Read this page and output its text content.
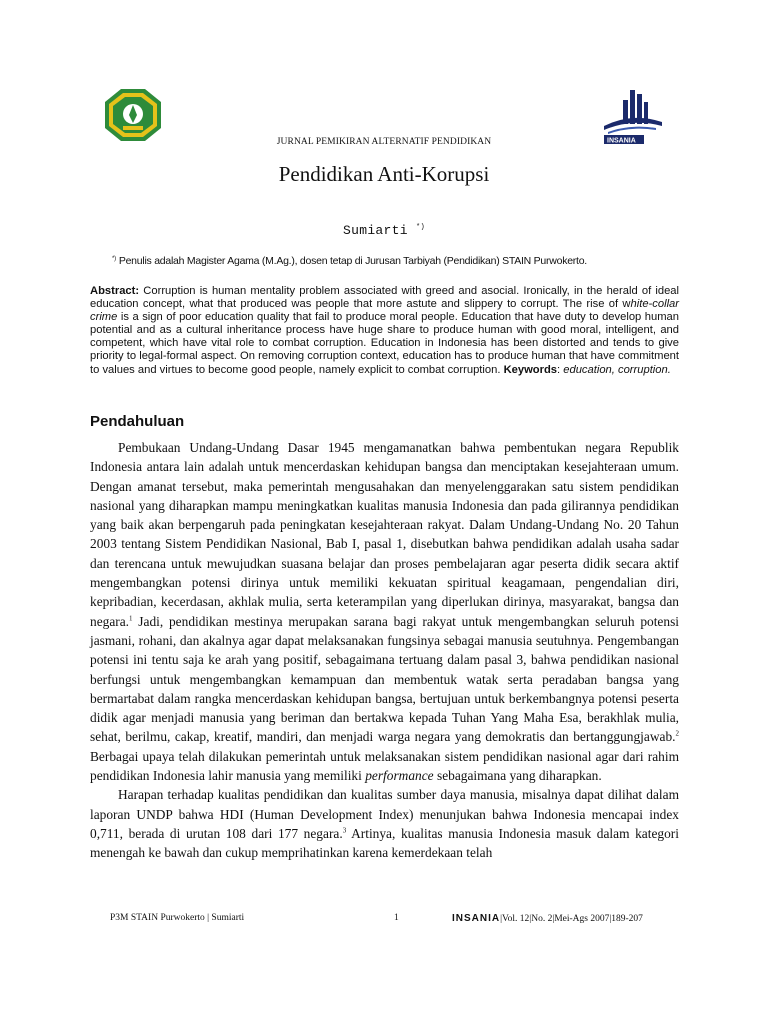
INSANIA
JURNAL PEMIKIRAN ALTERNATIF PENDIDIKAN
Pendidikan Anti-Korupsi
Sumiarti *)
*) Penulis adalah Magister Agama (M.Ag.), dosen tetap di Jurusan Tarbiyah (Pendidikan) STAIN Purwokerto.
Abstract: Corruption is human mentality problem associated with greed and asocial. Ironically, in the herald of ideal education concept, what that produced was people that more astute and slippery to corrupt. The rise of white-collar crime is a sign of poor education quality that fail to produce moral people. Education that have duty to develop human potential and as a cultural inheritance process have huge share to produce human with good moral, intelligent, and competent, which have vital role to combat corruption. Education in Indonesia has been distorted and tends to give priority to legal-formal aspect. On removing corruption context, education has to produce human that have commitment to values and virtues to become good people, namely explicit to combat corruption. Keywords: education, corruption.
Pendahuluan

Pembukaan Undang-Undang Dasar 1945 mengamanatkan bahwa pembentukan negara Republik Indonesia antara lain adalah untuk mencerdaskan kehidupan bangsa dan menciptakan kesejahteraan umum. Dengan amanat tersebut, maka pemerintah mengusahakan dan menyelenggarakan satu sistem pendidikan nasional yang diharapkan mampu meningkatkan kualitas manusia Indonesia dan pada gilirannya pendidikan yang baik akan berpengaruh pada peningkatan kesejahteraan rakyat. Dalam Undang-Undang No. 20 Tahun 2003 tentang Sistem Pendidikan Nasional, Bab I, pasal 1, disebutkan bahwa pendidikan adalah usaha sadar dan terencana untuk mewujudkan suasana belajar dan proses pembelajaran agar peserta didik secara aktif mengembangkan potensi dirinya untuk memiliki kekuatan spiritual keagamaan, pengendalian diri, kepribadian, kecerdasan, akhlak mulia, serta keterampilan yang diperlukan dirinya, masyarakat, bangsa dan negara.$^1$ Jadi, pendidikan mestinya merupakan sarana bagi rakyat untuk mengembangkan seluruh potensi jasmani, rohani, dan akalnya agar dapat melaksanakan fungsinya sebagai manusia seutuhnya. Pengembangan potensi ini tentu saja ke arah yang positif, sebagaimana tertuang dalam pasal 3, bahwa pendidikan nasional berfungsi untuk mengembangkan kemampuan dan membentuk watak serta peradaban bangsa yang bermartabat dalam rangka mencerdaskan kehidupan bangsa, bertujuan untuk berkembangnya potensi peserta didik agar menjadi manusia yang beriman dan bertakwa kepada Tuhan Yang Maha Esa, berakhlak mulia, sehat, berilmu, cakap, kreatif, mandiri, dan menjadi warga negara yang demokratis dan bertanggungjawab.$^2$ Berbagai upaya telah dilakukan pemerintah untuk melaksanakan sistem pendidikan nasional agar dari rahim pendidikan Indonesia lahir manusia yang memiliki performance sebagaimana yang diharapkan.

Harapan terhadap kualitas pendidikan dan kualitas sumber daya manusia, misalnya dapat dilihat dalam laporan UNDP bahwa HDI (Human Development Index) menunjukan bahwa Indonesia mencapai index 0,711, berada di urutan 108 dari 177 negara.$^3$ Artinya, kualitas manusia Indonesia masuk dalam kategori menengah ke bawah dan cukup memprihatinkan karena kemerdekaan telah

P3M STAIN Purwokerto | Sumiarti	1	INSANIA|Vol. 12|No. 2|Mei-Ags 2007|189-207
